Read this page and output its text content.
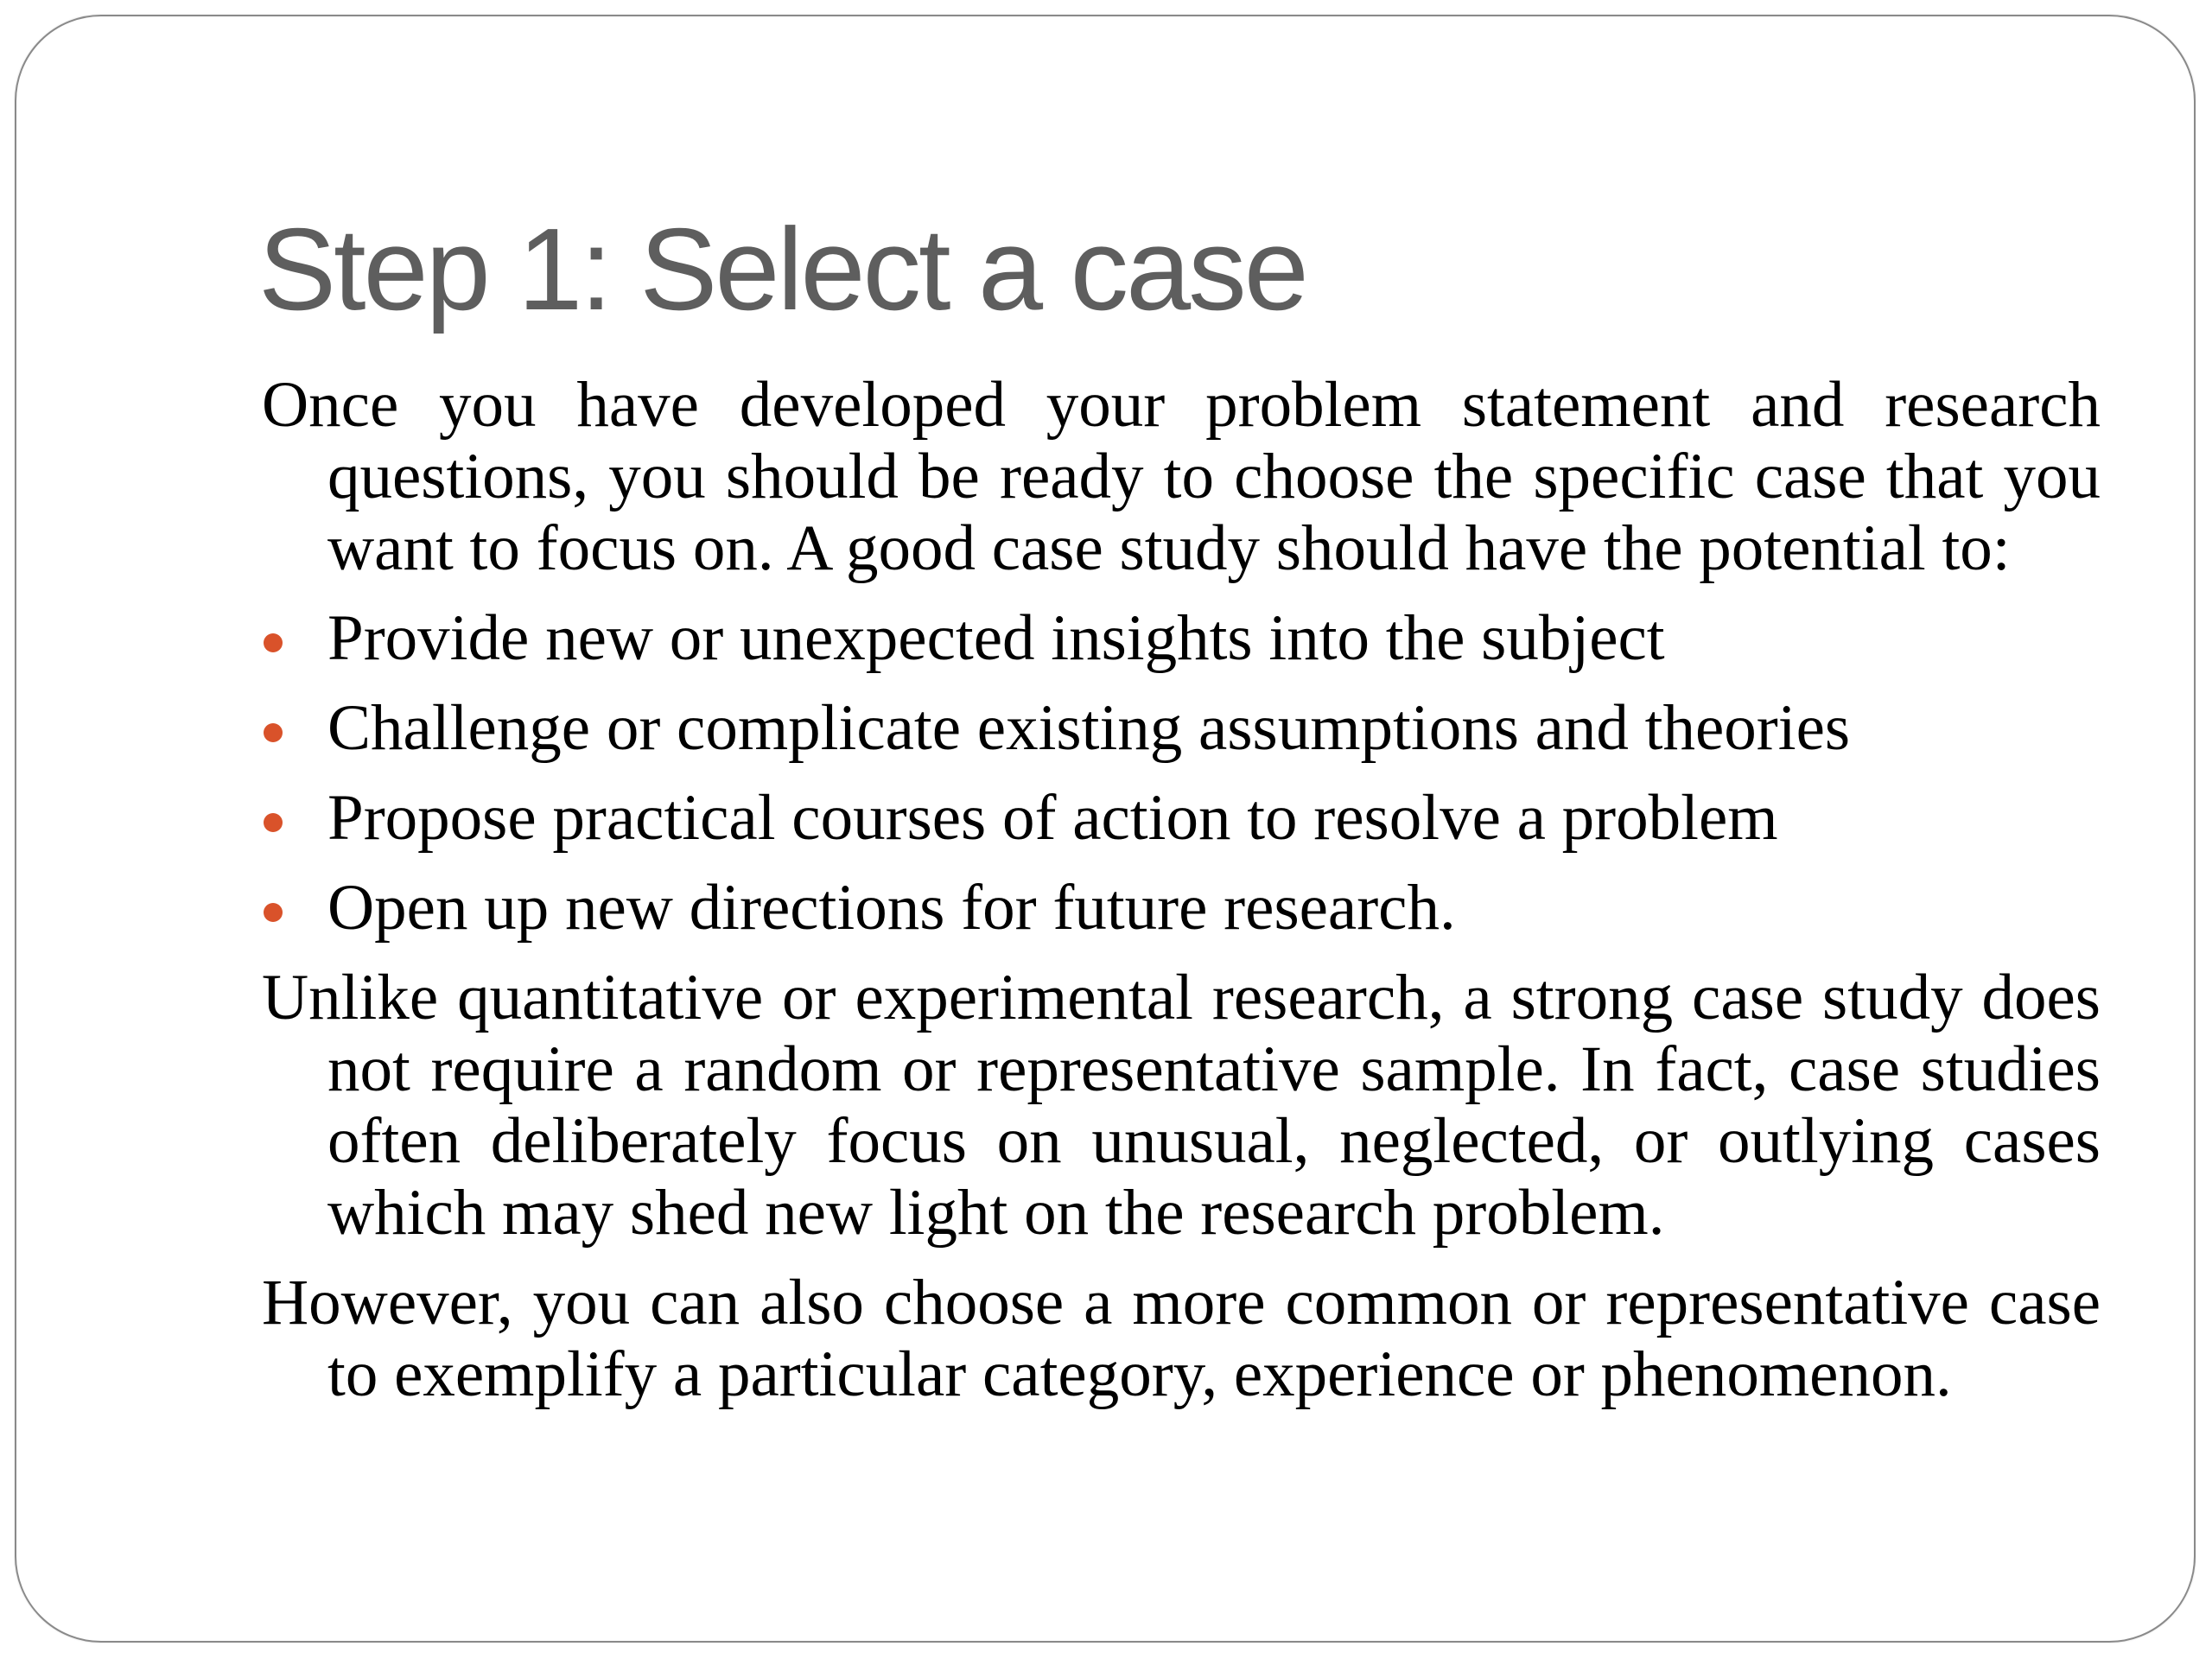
Step 1: Select a case

Once you have developed your problem statement and research questions, you should be ready to choose the specific case that you want to focus on. A good case study should have the potential to:

Provide new or unexpected insights into the subject
Challenge or complicate existing assumptions and theories
Propose practical courses of action to resolve a problem
Open up new directions for future research.

Unlike quantitative or experimental research, a strong case study does not require a random or representative sample. In fact, case studies often deliberately focus on unusual, neglected, or outlying cases which may shed new light on the research problem.

However, you can also choose a more common or representative case to exemplify a particular category, experience or phenomenon.
